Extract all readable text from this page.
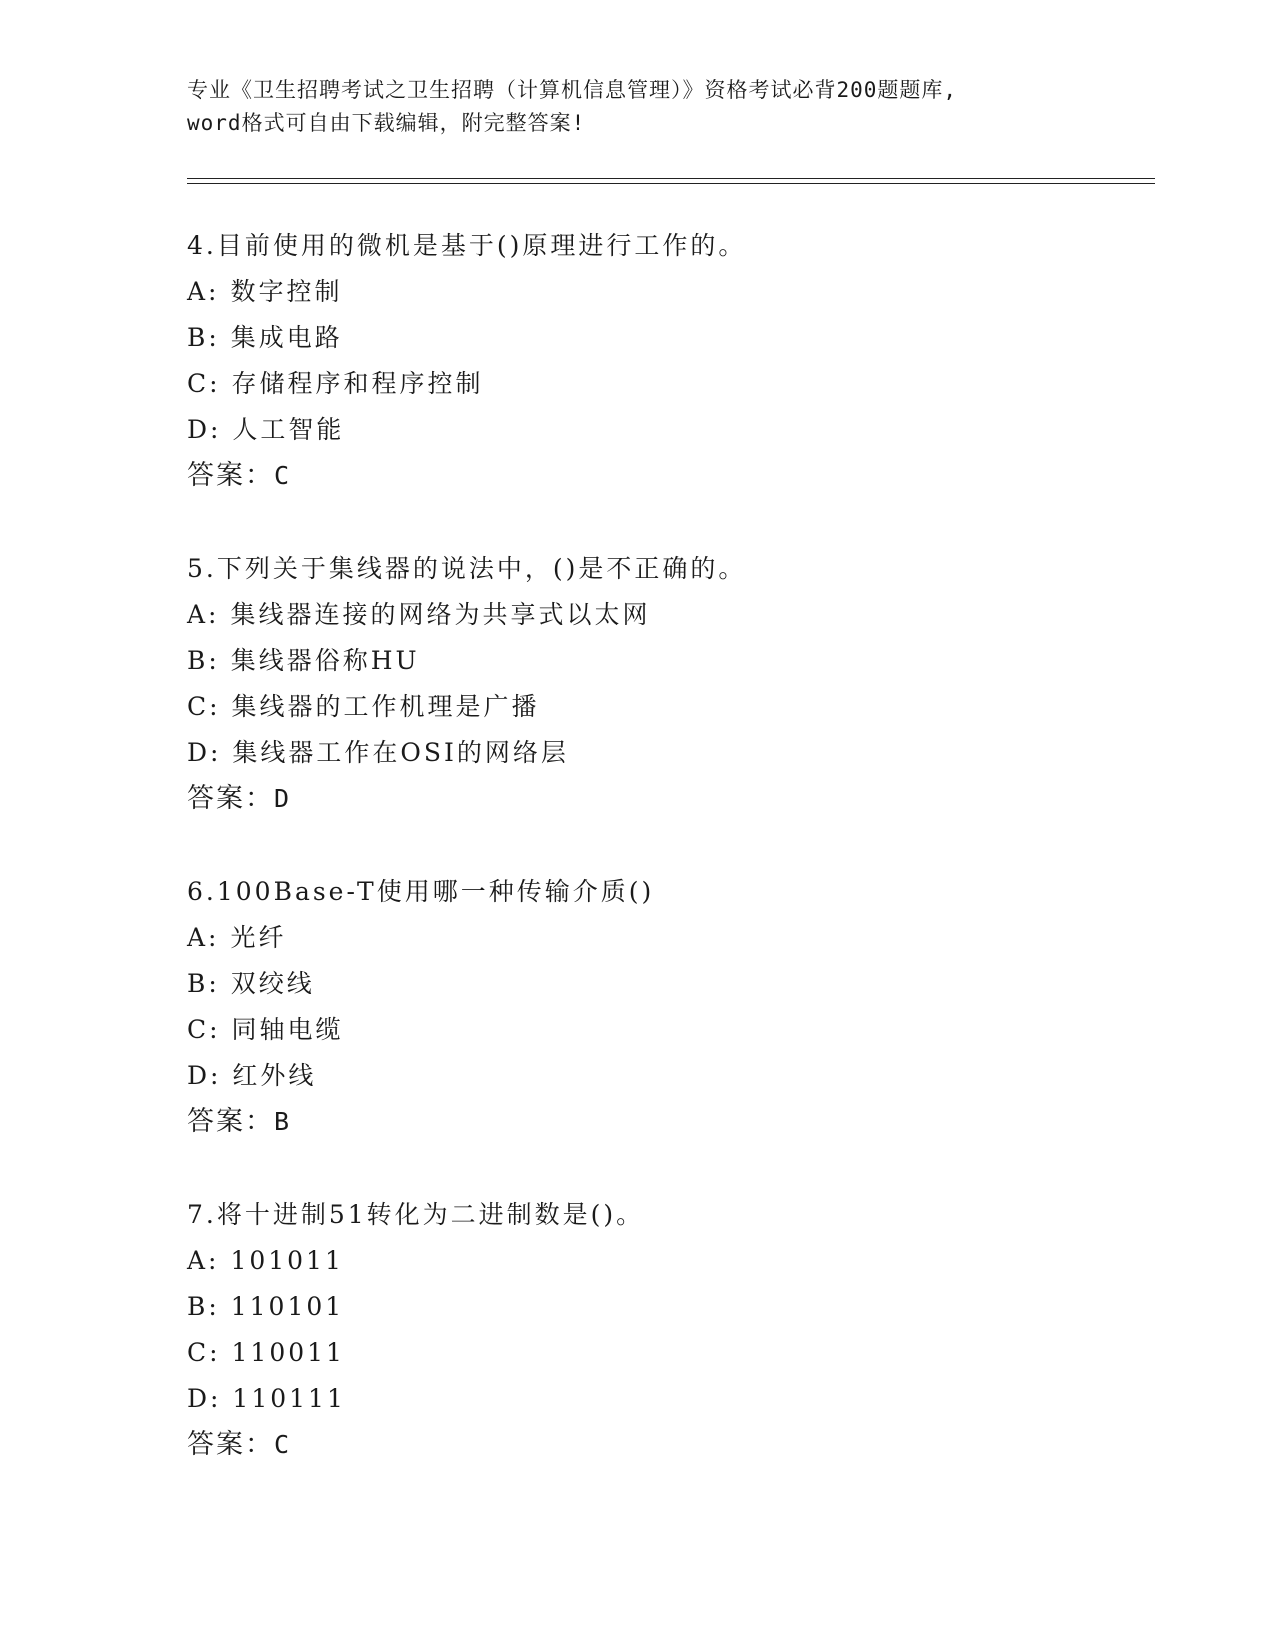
专业《卫生招聘考试之卫生招聘（计算机信息管理）》资格考试必背200题题库,
word格式可自由下载编辑，附完整答案!
4.目前使用的微机是基于()原理进行工作的。
A: 数字控制
B: 集成电路
C: 存储程序和程序控制
D: 人工智能
答案：C
5.下列关于集线器的说法中，()是不正确的。
A: 集线器连接的网络为共享式以太网
B: 集线器俗称HU
C: 集线器的工作机理是广播
D: 集线器工作在OSI的网络层
答案：D
6.100Base-T使用哪一种传输介质()
A: 光纤
B: 双绞线
C: 同轴电缆
D: 红外线
答案：B
7.将十进制51转化为二进制数是()。
A: 101011
B: 110101
C: 110011
D: 110111
答案：C
